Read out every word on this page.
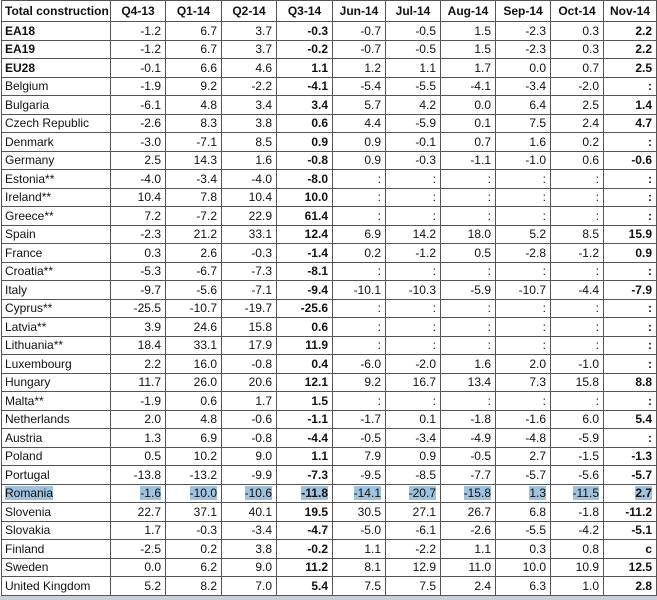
Total construction	Q4-13	Q1-14	Q2-14	Q3-14	Jun-14	Jul-14	Aug-14	Sep-14	Oct-14	Nov-14
EA18	-1.2	6.7	3.7	-0.3	-0.7	-0.5	1.5	-2.3	0.3	2.2
EA19	-1.2	6.7	3.7	-0.2	-0.7	-0.5	1.5	-2.3	0.3	2.2
EU28	-0.1	6.6	4.6	1.1	1.2	1.1	1.7	0.0	0.7	2.5
Belgium	-1.9	9.2	-2.2	-4.1	-5.4	-5.5	-4.1	-3.4	-2.0	:
Bulgaria	-6.1	4.8	3.4	3.4	5.7	4.2	0.0	6.4	2.5	1.4
Czech Republic	-2.6	8.3	3.8	0.6	4.4	-5.9	0.1	7.5	2.4	4.7
Denmark	-3.0	-7.1	8.5	0.9	0.9	-0.1	0.7	1.6	0.2	:
Germany	2.5	14.3	1.6	-0.8	0.9	-0.3	-1.1	-1.0	0.6	-0.6
Estonia**	-4.0	-3.4	-4.0	-8.0	:	:	:	:	:	:
Ireland**	10.4	7.8	10.4	10.0	:	:	:	:	:	:
Greece**	7.2	-7.2	22.9	61.4	:	:	:	:	:	:
Spain	-2.3	21.2	33.1	12.4	6.9	14.2	18.0	5.2	8.5	15.9
France	0.3	2.6	-0.3	-1.4	0.2	-1.2	0.5	-2.8	-1.2	0.9
Croatia**	-5.3	-6.7	-7.3	-8.1	:	:	:	:	:	:
Italy	-9.7	-5.6	-7.1	-9.4	-10.1	-10.3	-5.9	-10.7	-4.4	-7.9
Cyprus**	-25.5	-10.7	-19.7	-25.6	:	:	:	:	:	:
Latvia**	3.9	24.6	15.8	0.6	:	:	:	:	:	:
Lithuania**	18.4	33.1	17.9	11.9	:	:	:	:	:	:
Luxembourg	2.2	16.0	-0.8	0.4	-6.0	-2.0	1.6	2.0	-1.0	:
Hungary	11.7	26.0	20.6	12.1	9.2	16.7	13.4	7.3	15.8	8.8
Malta**	-1.9	0.6	1.7	1.5	:	:	:	:	:	:
Netherlands	2.0	4.8	-0.6	-1.1	-1.7	0.1	-1.8	-1.6	6.0	5.4
Austria	1.3	6.9	-0.8	-4.4	-0.5	-3.4	-4.9	-4.8	-5.9	:
Poland	0.5	10.2	9.0	1.1	7.9	0.9	-0.5	2.7	-1.5	-1.3
Portugal	-13.8	-13.2	-9.9	-7.3	-9.5	-8.5	-7.7	-5.7	-5.6	-5.7
Romania	-1.6	-10.0	-10.6	-11.8	-14.1	-20.7	-15.8	1.3	-11.5	2.7
Slovenia	22.7	37.1	40.1	19.5	30.5	27.1	26.7	6.8	-1.8	-11.2
Slovakia	1.7	-0.3	-3.4	-4.7	-5.0	-6.1	-2.6	-5.5	-4.2	-5.1
Finland	-2.5	0.2	3.8	-0.2	1.1	-2.2	1.1	0.3	0.8	c
Sweden	0.0	6.2	9.0	11.2	8.1	12.9	11.0	10.0	10.9	12.5
United Kingdom	5.2	8.2	7.0	5.4	7.5	7.5	2.4	6.3	1.0	2.8
